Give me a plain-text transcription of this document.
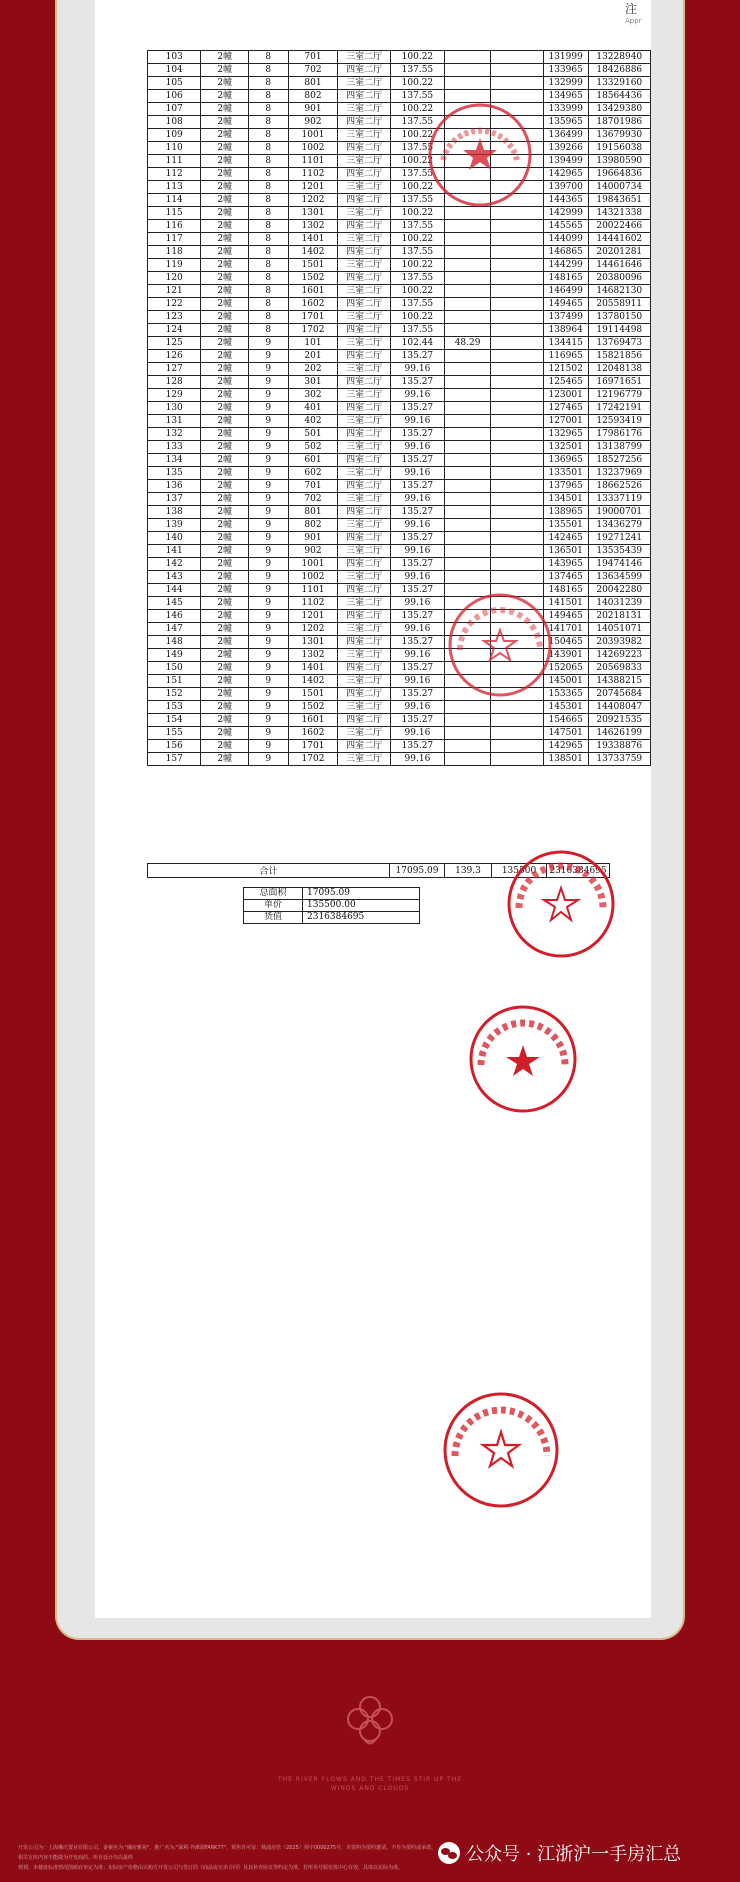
注
Appr
103	2幢	8	701	三室二厅	100.22			131999	13228940
104	2幢	8	702	四室二厅	137.55			133965	18426886
105	2幢	8	801	三室二厅	100.22			132999	13329160
106	2幢	8	802	四室二厅	137.55			134965	18564436
107	2幢	8	901	三室二厅	100.22			133999	13429380
108	2幢	8	902	四室二厅	137.55			135965	18701986
109	2幢	8	1001	三室二厅	100.22			136499	13679930
110	2幢	8	1002	四室二厅	137.55			139266	19156038
111	2幢	8	1101	三室二厅	100.22			139499	13980590
112	2幢	8	1102	四室二厅	137.55			142965	19664836
113	2幢	8	1201	三室二厅	100.22			139700	14000734
114	2幢	8	1202	四室二厅	137.55			144365	19843651
115	2幢	8	1301	三室二厅	100.22			142999	14321338
116	2幢	8	1302	四室二厅	137.55			145565	20022466
117	2幢	8	1401	三室二厅	100.22			144099	14441602
118	2幢	8	1402	四室二厅	137.55			146865	20201281
119	2幢	8	1501	三室二厅	100.22			144299	14461646
120	2幢	8	1502	四室二厅	137.55			148165	20380096
121	2幢	8	1601	三室二厅	100.22			146499	14682130
122	2幢	8	1602	四室二厅	137.55			149465	20558911
123	2幢	8	1701	三室二厅	100.22			137499	13780150
124	2幢	8	1702	四室二厅	137.55			138964	19114498
125	2幢	9	101	三室二厅	102.44	48.29		134415	13769473
126	2幢	9	201	四室二厅	135.27			116965	15821856
127	2幢	9	202	三室二厅	99.16			121502	12048138
128	2幢	9	301	四室二厅	135.27			125465	16971651
129	2幢	9	302	三室二厅	99.16			123001	12196779
130	2幢	9	401	四室二厅	135.27			127465	17242191
131	2幢	9	402	三室二厅	99.16			127001	12593419
132	2幢	9	501	四室二厅	135.27			132965	17986176
133	2幢	9	502	三室二厅	99.16			132501	13138799
134	2幢	9	601	四室二厅	135.27			136965	18527256
135	2幢	9	602	三室二厅	99.16			133501	13237969
136	2幢	9	701	四室二厅	135.27			137965	18662526
137	2幢	9	702	三室二厅	99.16			134501	13337119
138	2幢	9	801	四室二厅	135.27			138965	19000701
139	2幢	9	802	三室二厅	99.16			135501	13436279
140	2幢	9	901	四室二厅	135.27			142465	19271241
141	2幢	9	902	三室二厅	99.16			136501	13535439
142	2幢	9	1001	四室二厅	135.27			143965	19474146
143	2幢	9	1002	三室二厅	99.16			137465	13634599
144	2幢	9	1101	四室二厅	135.27			148165	20042280
145	2幢	9	1102	三室二厅	99.16			141501	14031239
146	2幢	9	1201	四室二厅	135.27			149465	20218131
147	2幢	9	1202	三室二厅	99.16			141701	14051071
148	2幢	9	1301	四室二厅	135.27			150465	20393982
149	2幢	9	1302	三室二厅	99.16			143901	14269223
150	2幢	9	1401	四室二厅	135.27			152065	20569833
151	2幢	9	1402	三室二厅	99.16			145001	14388215
152	2幢	9	1501	四室二厅	135.27			153365	20745684
153	2幢	9	1502	三室二厅	99.16			145301	14408047
154	2幢	9	1601	四室二厅	135.27			154665	20921535
155	2幢	9	1602	三室二厅	99.16			147501	14626199
156	2幢	9	1701	四室二厅	135.27			142965	19338876
157	2幢	9	1702	三室二厅	99.16			138501	13733759
合计	17095.09	139.3	135500	2316384695
总面积	17095.09
单价	135500.00
货值	2316384695
THE RIVER FLOWS AND THE TIMES STIR UP THE
WINDS AND CLOUDS
开发公司为：上海琳庆置业有限公司。备案名为:"融府雅苑"，推广名为:"保利·外滩源FARK77"，预售许可证：杨浦房管（2025）预字0000275号，本资料为要约邀请，不作为要约或承诺，相关宣传内容不能做为开发商的。所有设计均以最终
规划、本楼盘标准情况图政府审定为准；实际房产价格由认购方开发公司与签订的《商品房买卖合同》及其补充协议等约定为准，若所举号服实体中心有效，具体以实际为准。
公众号 · 江浙沪一手房汇总
